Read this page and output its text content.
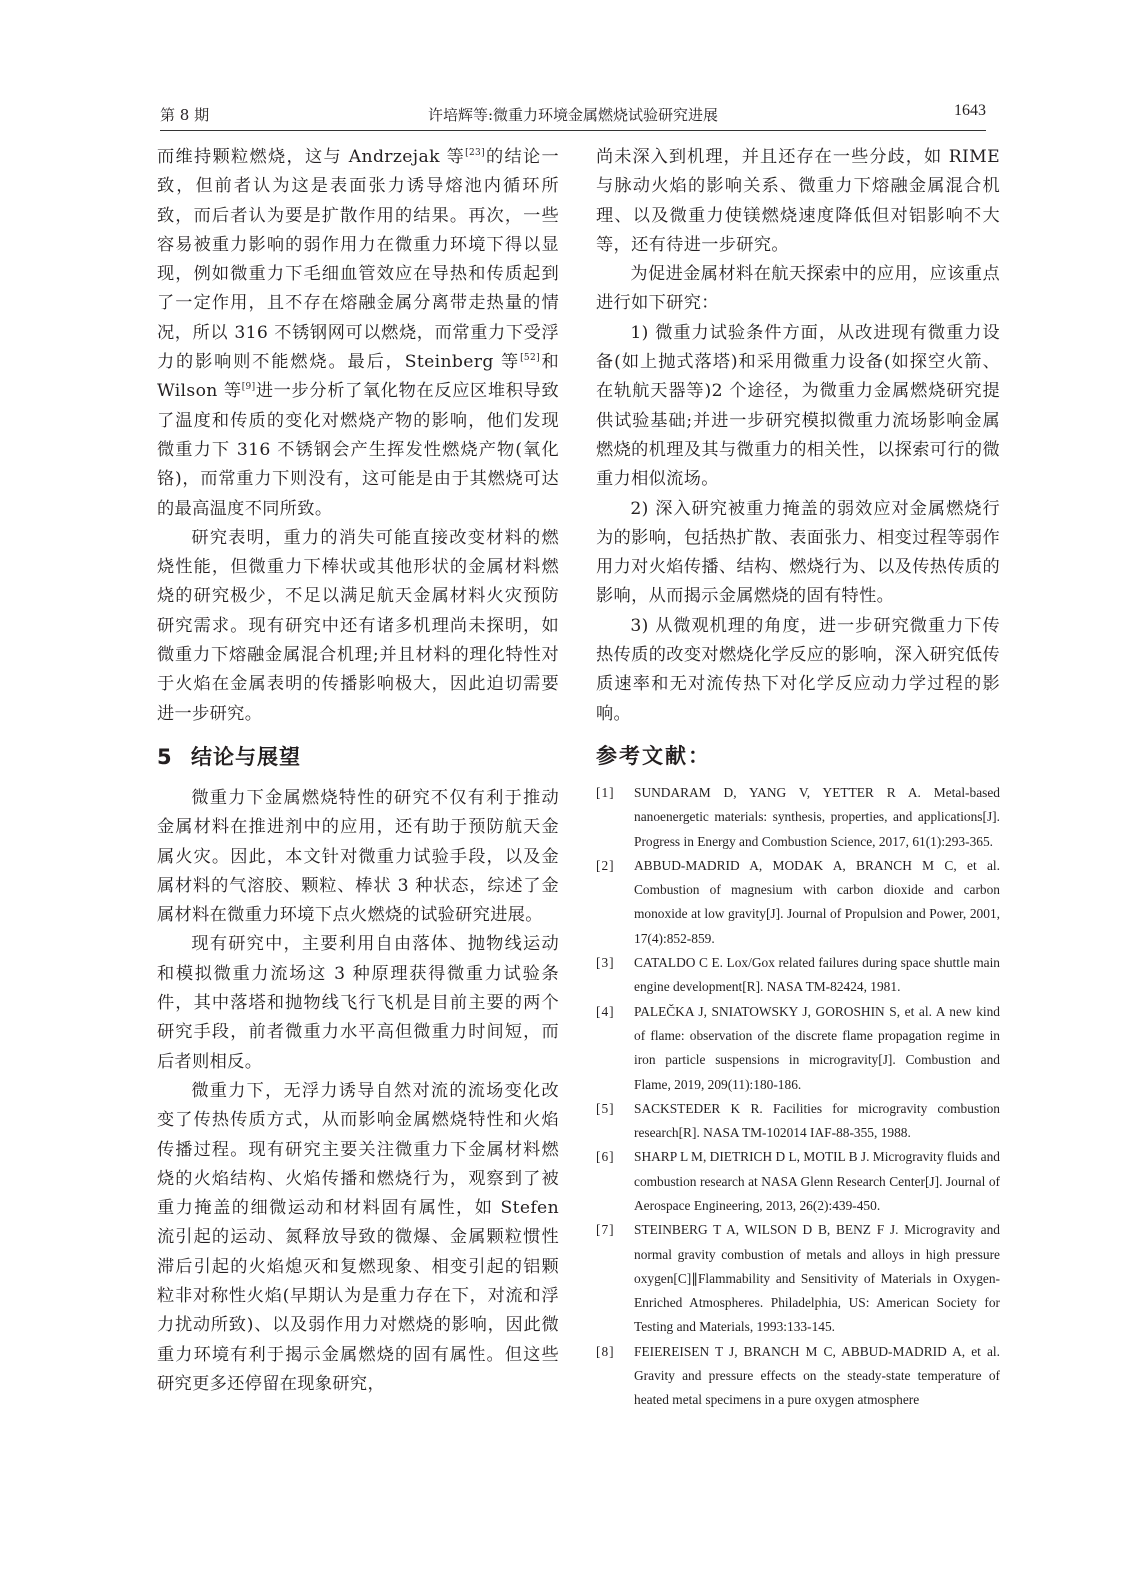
第 8 期	许培辉等:微重力环境金属燃烧试验研究进展	1643

而维持颗粒燃烧，这与 Andrzejak 等[23]的结论一致，但前者认为这是表面张力诱导熔池内循环所致，而后者认为要是扩散作用的结果。再次，一些容易被重力影响的弱作用力在微重力环境下得以显现，例如微重力下毛细血管效应在导热和传质起到了一定作用，且不存在熔融金属分离带走热量的情况，所以 316 不锈钢网可以燃烧，而常重力下受浮力的影响则不能燃烧。最后，Steinberg 等[52]和 Wilson 等[9]进一步分析了氧化物在反应区堆积导致了温度和传质的变化对燃烧产物的影响，他们发现微重力下 316 不锈钢会产生挥发性燃烧产物(氧化铬)，而常重力下则没有，这可能是由于其燃烧可达的最高温度不同所致。

研究表明，重力的消失可能直接改变材料的燃烧性能，但微重力下棒状或其他形状的金属材料燃烧的研究极少，不足以满足航天金属材料火灾预防研究需求。现有研究中还有诸多机理尚未探明，如微重力下熔融金属混合机理;并且材料的理化特性对于火焰在金属表明的传播影响极大，因此迫切需要进一步研究。

5 结论与展望

微重力下金属燃烧特性的研究不仅有利于推动金属材料在推进剂中的应用，还有助于预防航天金属火灾。因此，本文针对微重力试验手段，以及金属材料的气溶胶、颗粒、棒状 3 种状态，综述了金属材料在微重力环境下点火燃烧的试验研究进展。

现有研究中，主要利用自由落体、抛物线运动和模拟微重力流场这 3 种原理获得微重力试验条件，其中落塔和抛物线飞行飞机是目前主要的两个研究手段，前者微重力水平高但微重力时间短，而后者则相反。

微重力下，无浮力诱导自然对流的流场变化改变了传热传质方式，从而影响金属燃烧特性和火焰传播过程。现有研究主要关注微重力下金属材料燃烧的火焰结构、火焰传播和燃烧行为，观察到了被重力掩盖的细微运动和材料固有属性，如 Stefen 流引起的运动、氮释放导致的微爆、金属颗粒惯性滞后引起的火焰熄灭和复燃现象、相变引起的铝颗粒非对称性火焰(早期认为是重力存在下，对流和浮力扰动所致)、以及弱作用力对燃烧的影响，因此微重力环境有利于揭示金属燃烧的固有属性。但这些研究更多还停留在现象研究，

尚未深入到机理，并且还存在一些分歧，如 RIME 与脉动火焰的影响关系、微重力下熔融金属混合机理、以及微重力使镁燃烧速度降低但对铝影响不大等，还有待进一步研究。

为促进金属材料在航天探索中的应用，应该重点进行如下研究：

1) 微重力试验条件方面，从改进现有微重力设备(如上抛式落塔)和采用微重力设备(如探空火箭、在轨航天器等)2 个途径，为微重力金属燃烧研究提供试验基础;并进一步研究模拟微重力流场影响金属燃烧的机理及其与微重力的相关性，以探索可行的微重力相似流场。

2) 深入研究被重力掩盖的弱效应对金属燃烧行为的影响，包括热扩散、表面张力、相变过程等弱作用力对火焰传播、结构、燃烧行为、以及传热传质的影响，从而揭示金属燃烧的固有特性。

3) 从微观机理的角度，进一步研究微重力下传热传质的改变对燃烧化学反应的影响，深入研究低传质速率和无对流传热下对化学反应动力学过程的影响。

参考文献：
[1]	SUNDARAM D, YANG V, YETTER R A. Metal-based nanoenergetic materials: synthesis, properties, and applications[J]. Progress in Energy and Combustion Science, 2017, 61(1):293-365.
[2]	ABBUD-MADRID A, MODAK A, BRANCH M C, et al. Combustion of magnesium with carbon dioxide and carbon monoxide at low gravity[J]. Journal of Propulsion and Power, 2001, 17(4):852-859.
[3]	CATALDO C E. Lox/Gox related failures during space shuttle main engine development[R]. NASA TM-82424, 1981.
[4]	PALEČKA J, SNIATOWSKY J, GOROSHIN S, et al. A new kind of flame: observation of the discrete flame propagation regime in iron particle suspensions in microgravity[J]. Combustion and Flame, 2019, 209(11):180-186.
[5]	SACKSTEDER K R. Facilities for microgravity combustion research[R]. NASA TM-102014 IAF-88-355, 1988.
[6]	SHARP L M, DIETRICH D L, MOTIL B J. Microgravity fluids and combustion research at NASA Glenn Research Center[J]. Journal of Aerospace Engineering, 2013, 26(2):439-450.
[7]	STEINBERG T A, WILSON D B, BENZ F J. Microgravity and normal gravity combustion of metals and alloys in high pressure oxygen[C]∥Flammability and Sensitivity of Materials in Oxygen-Enriched Atmospheres. Philadelphia, US: American Society for Testing and Materials, 1993:133-145.
[8]	FEIEREISEN T J, BRANCH M C, ABBUD-MADRID A, et al. Gravity and pressure effects on the steady-state temperature of heated metal specimens in a pure oxygen atmosphere
